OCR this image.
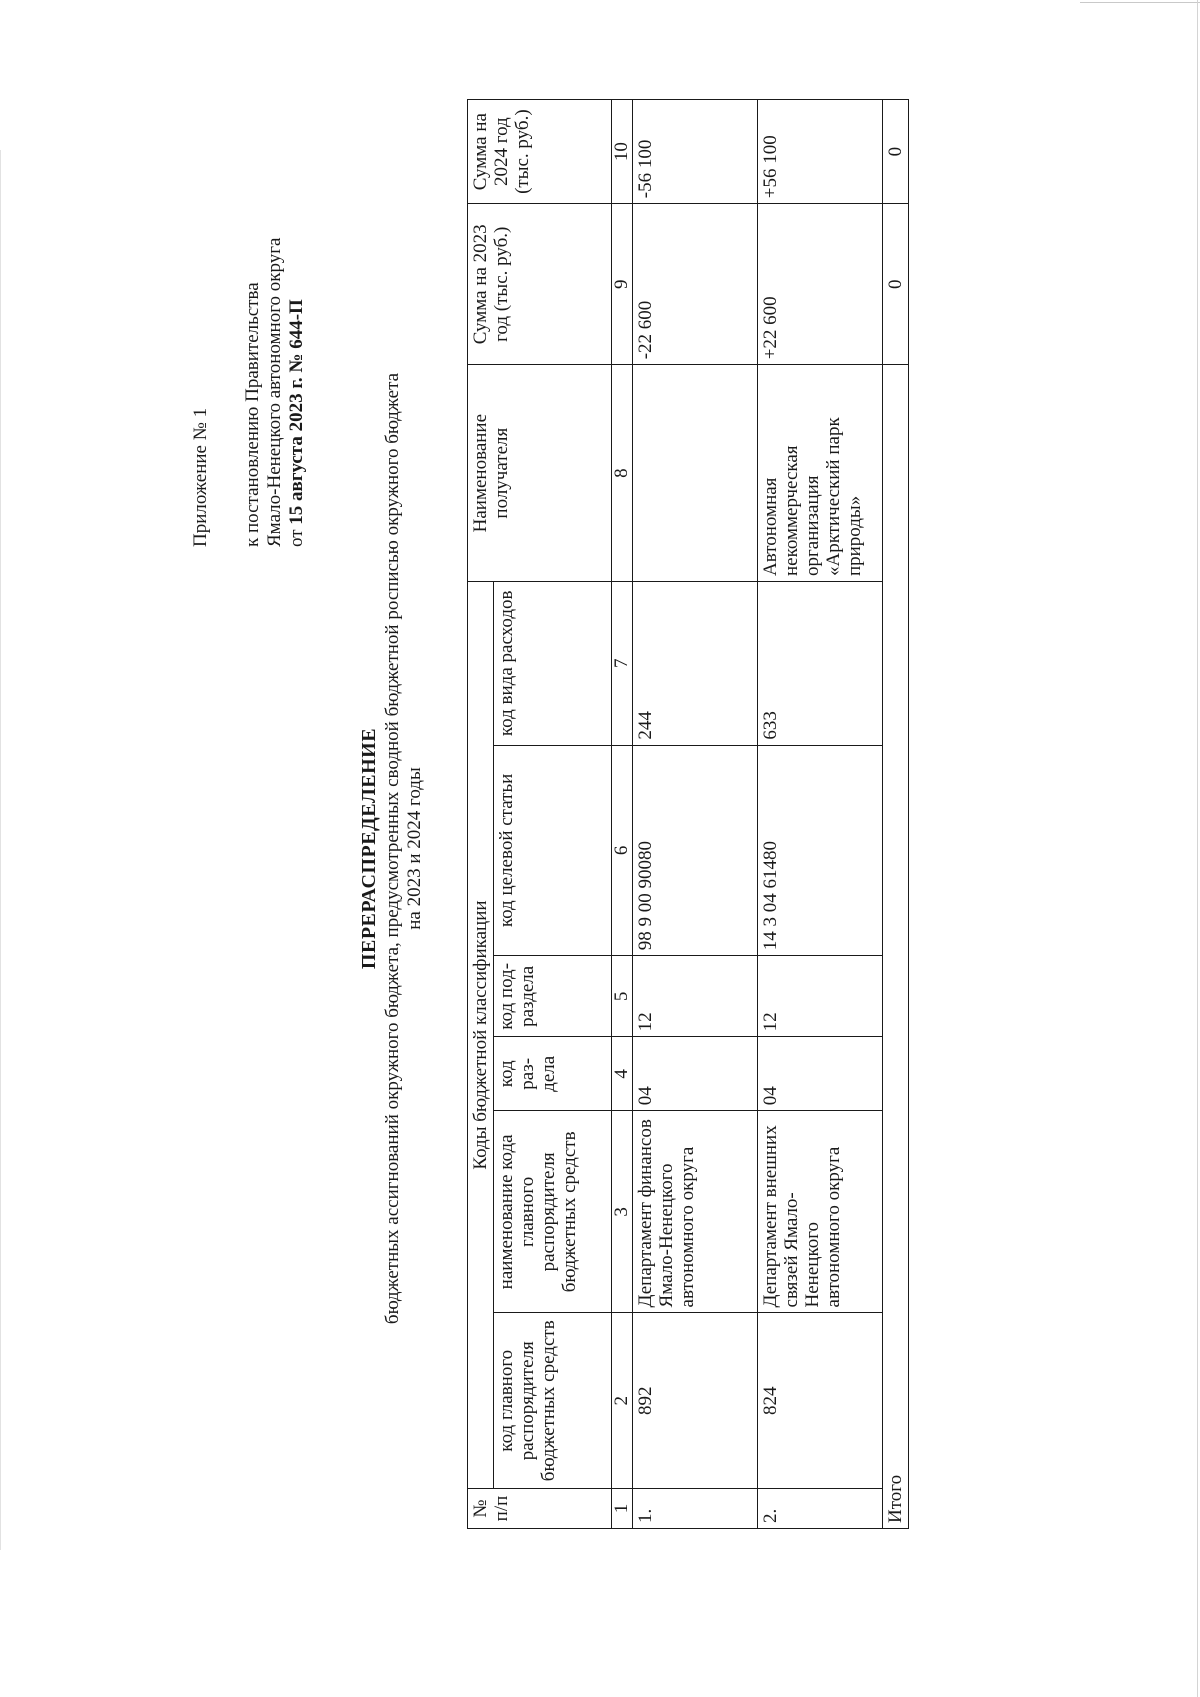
Приложение № 1 к постановлению Правительства Ямало-Ненецкого автономного округа от 15 августа 2023 г. № 644-П
ПЕРЕРАСПРЕДЕЛЕНИЕ бюджетных ассигнований окружного бюджета, предусмотренных сводной бюджетной росписью окружного бюджета на 2023 и 2024 годы
№ п/п	Коды бюджетной классификации						Наименование получателя	Сумма на 2023 год (тыс. руб.)	Сумма на 2024 год (тыс. руб.)
	код главного распорядителя бюджетных средств	наименование кода главного распорядителя бюджетных средств	код раз-дела	код под-раздела	код целевой статьи	код вида расходов			
1	2	3	4	5	6	7	8	9	10
1.	892	Департамент финансов Ямало-Ненецкого автономного округа	04	12	98 9 00 90080	244		-22 600	-56 100
2.	824	Департамент внешних связей Ямало-Ненецкого автономного округа	04	12	14 3 04 61480	633	Автономная некоммерческая организация «Арктический парк природы»	+22 600	+56 100
Итого								0	0
